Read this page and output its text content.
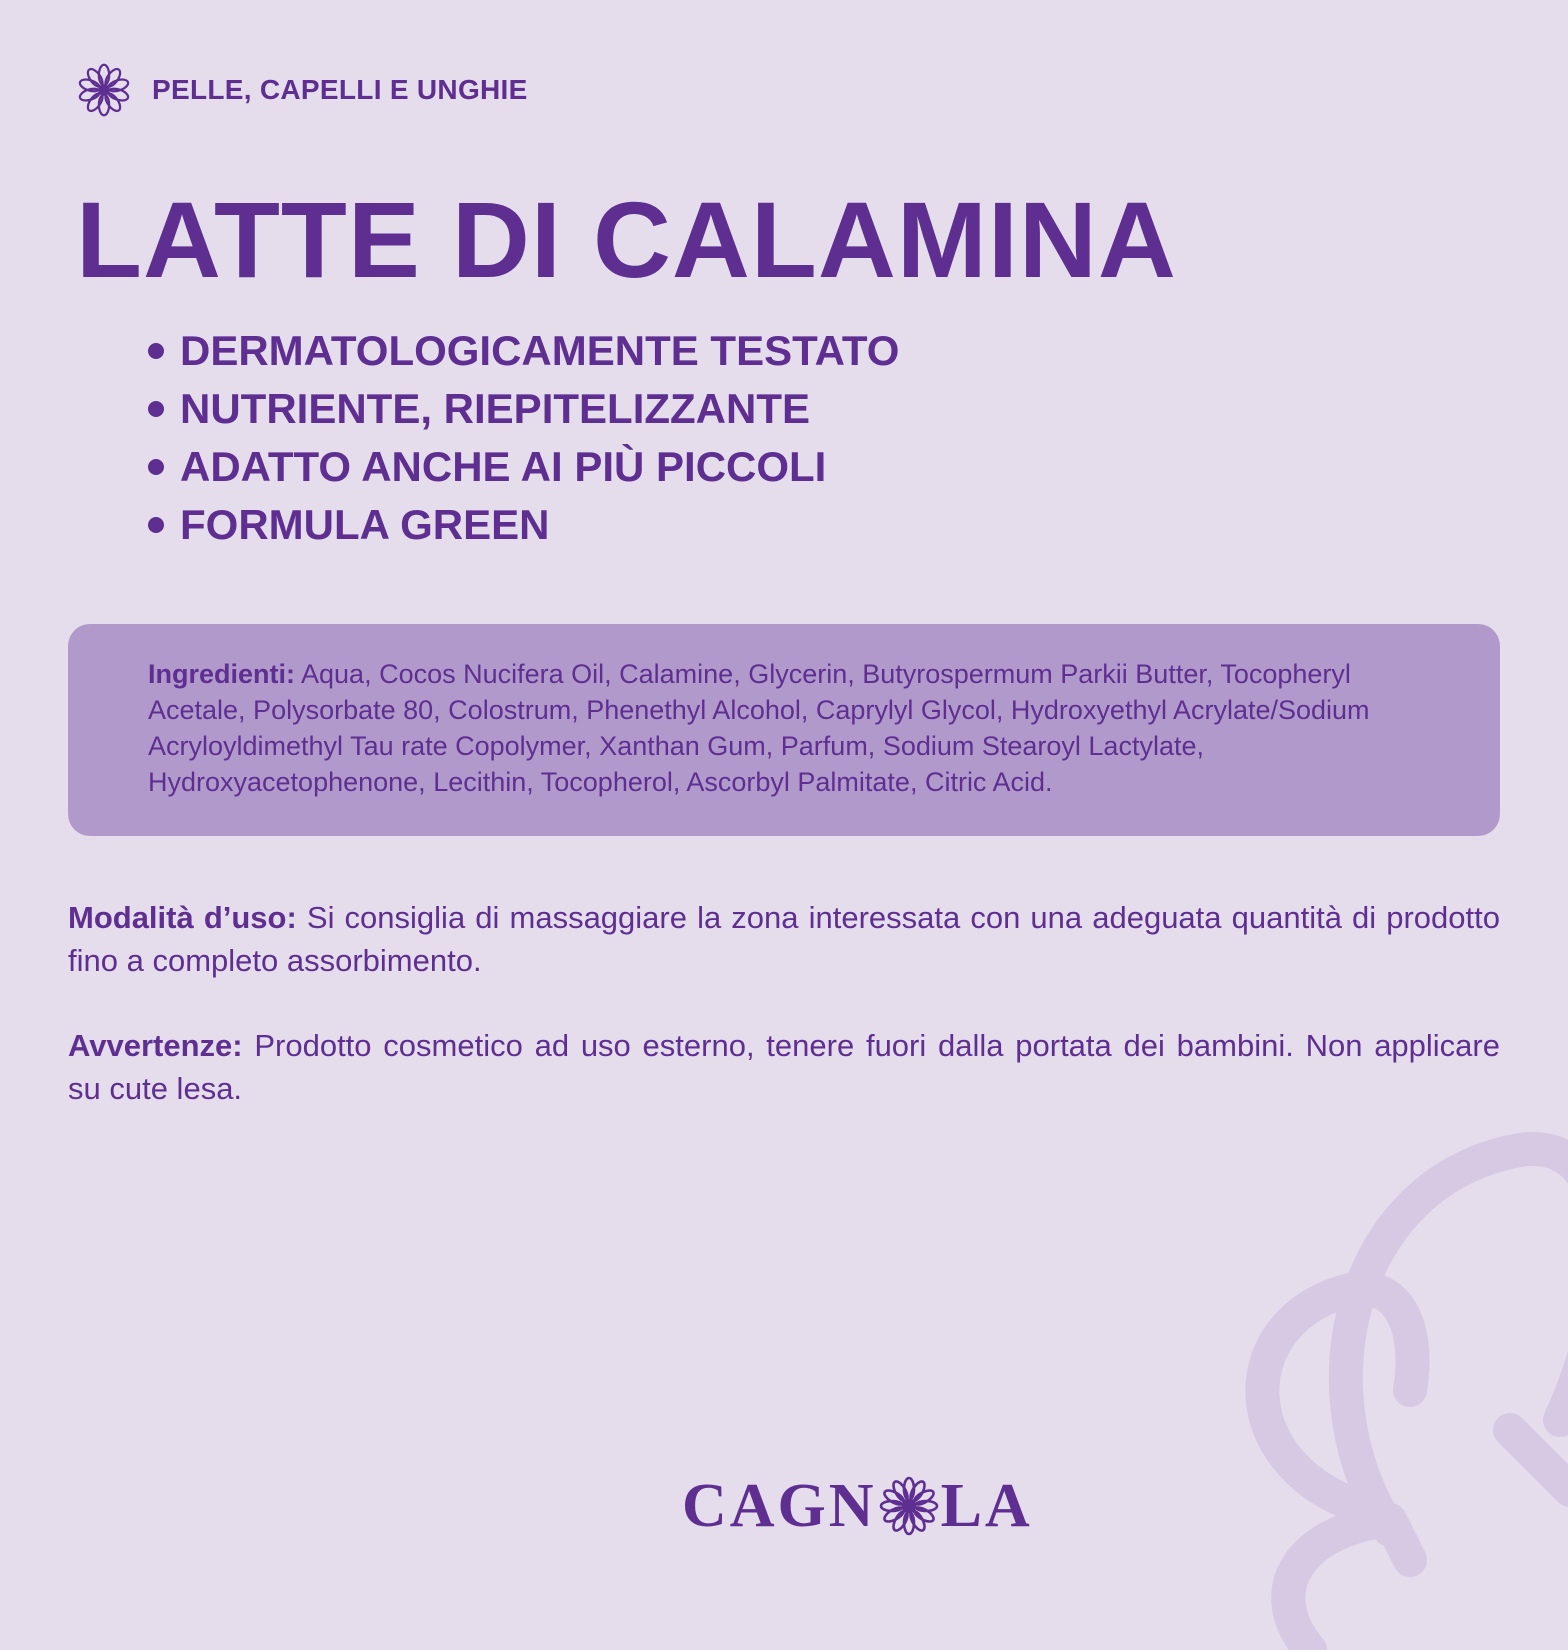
PELLE, CAPELLI E UNGHIE
LATTE DI CALAMINA
DERMATOLOGICAMENTE TESTATO
NUTRIENTE, RIEPITELIZZANTE
ADATTO ANCHE AI PIÙ PICCOLI
FORMULA GREEN

Ingredienti: Aqua, Cocos Nucifera Oil, Calamine, Glycerin, Butyrospermum Parkii Butter, Tocopheryl Acetale, Polysorbate 80, Colostrum, Phenethyl Alcohol, Caprylyl Glycol, Hydroxyethyl Acrylate/Sodium Acryloyldimethyl Tau rate Copolymer, Xanthan Gum, Parfum, Sodium Stearoyl Lactylate, Hydroxyacetophenone, Lecithin, Tocopherol, Ascorbyl Palmitate, Citric Acid.

Modalità d’uso: Si consiglia di massaggiare la zona interessata con una adeguata quantità di prodotto fino a completo assorbimento.

Avvertenze: Prodotto cosmetico ad uso esterno, tenere fuori dalla portata dei bambini. Non applicare su cute lesa.

CAGN LA
